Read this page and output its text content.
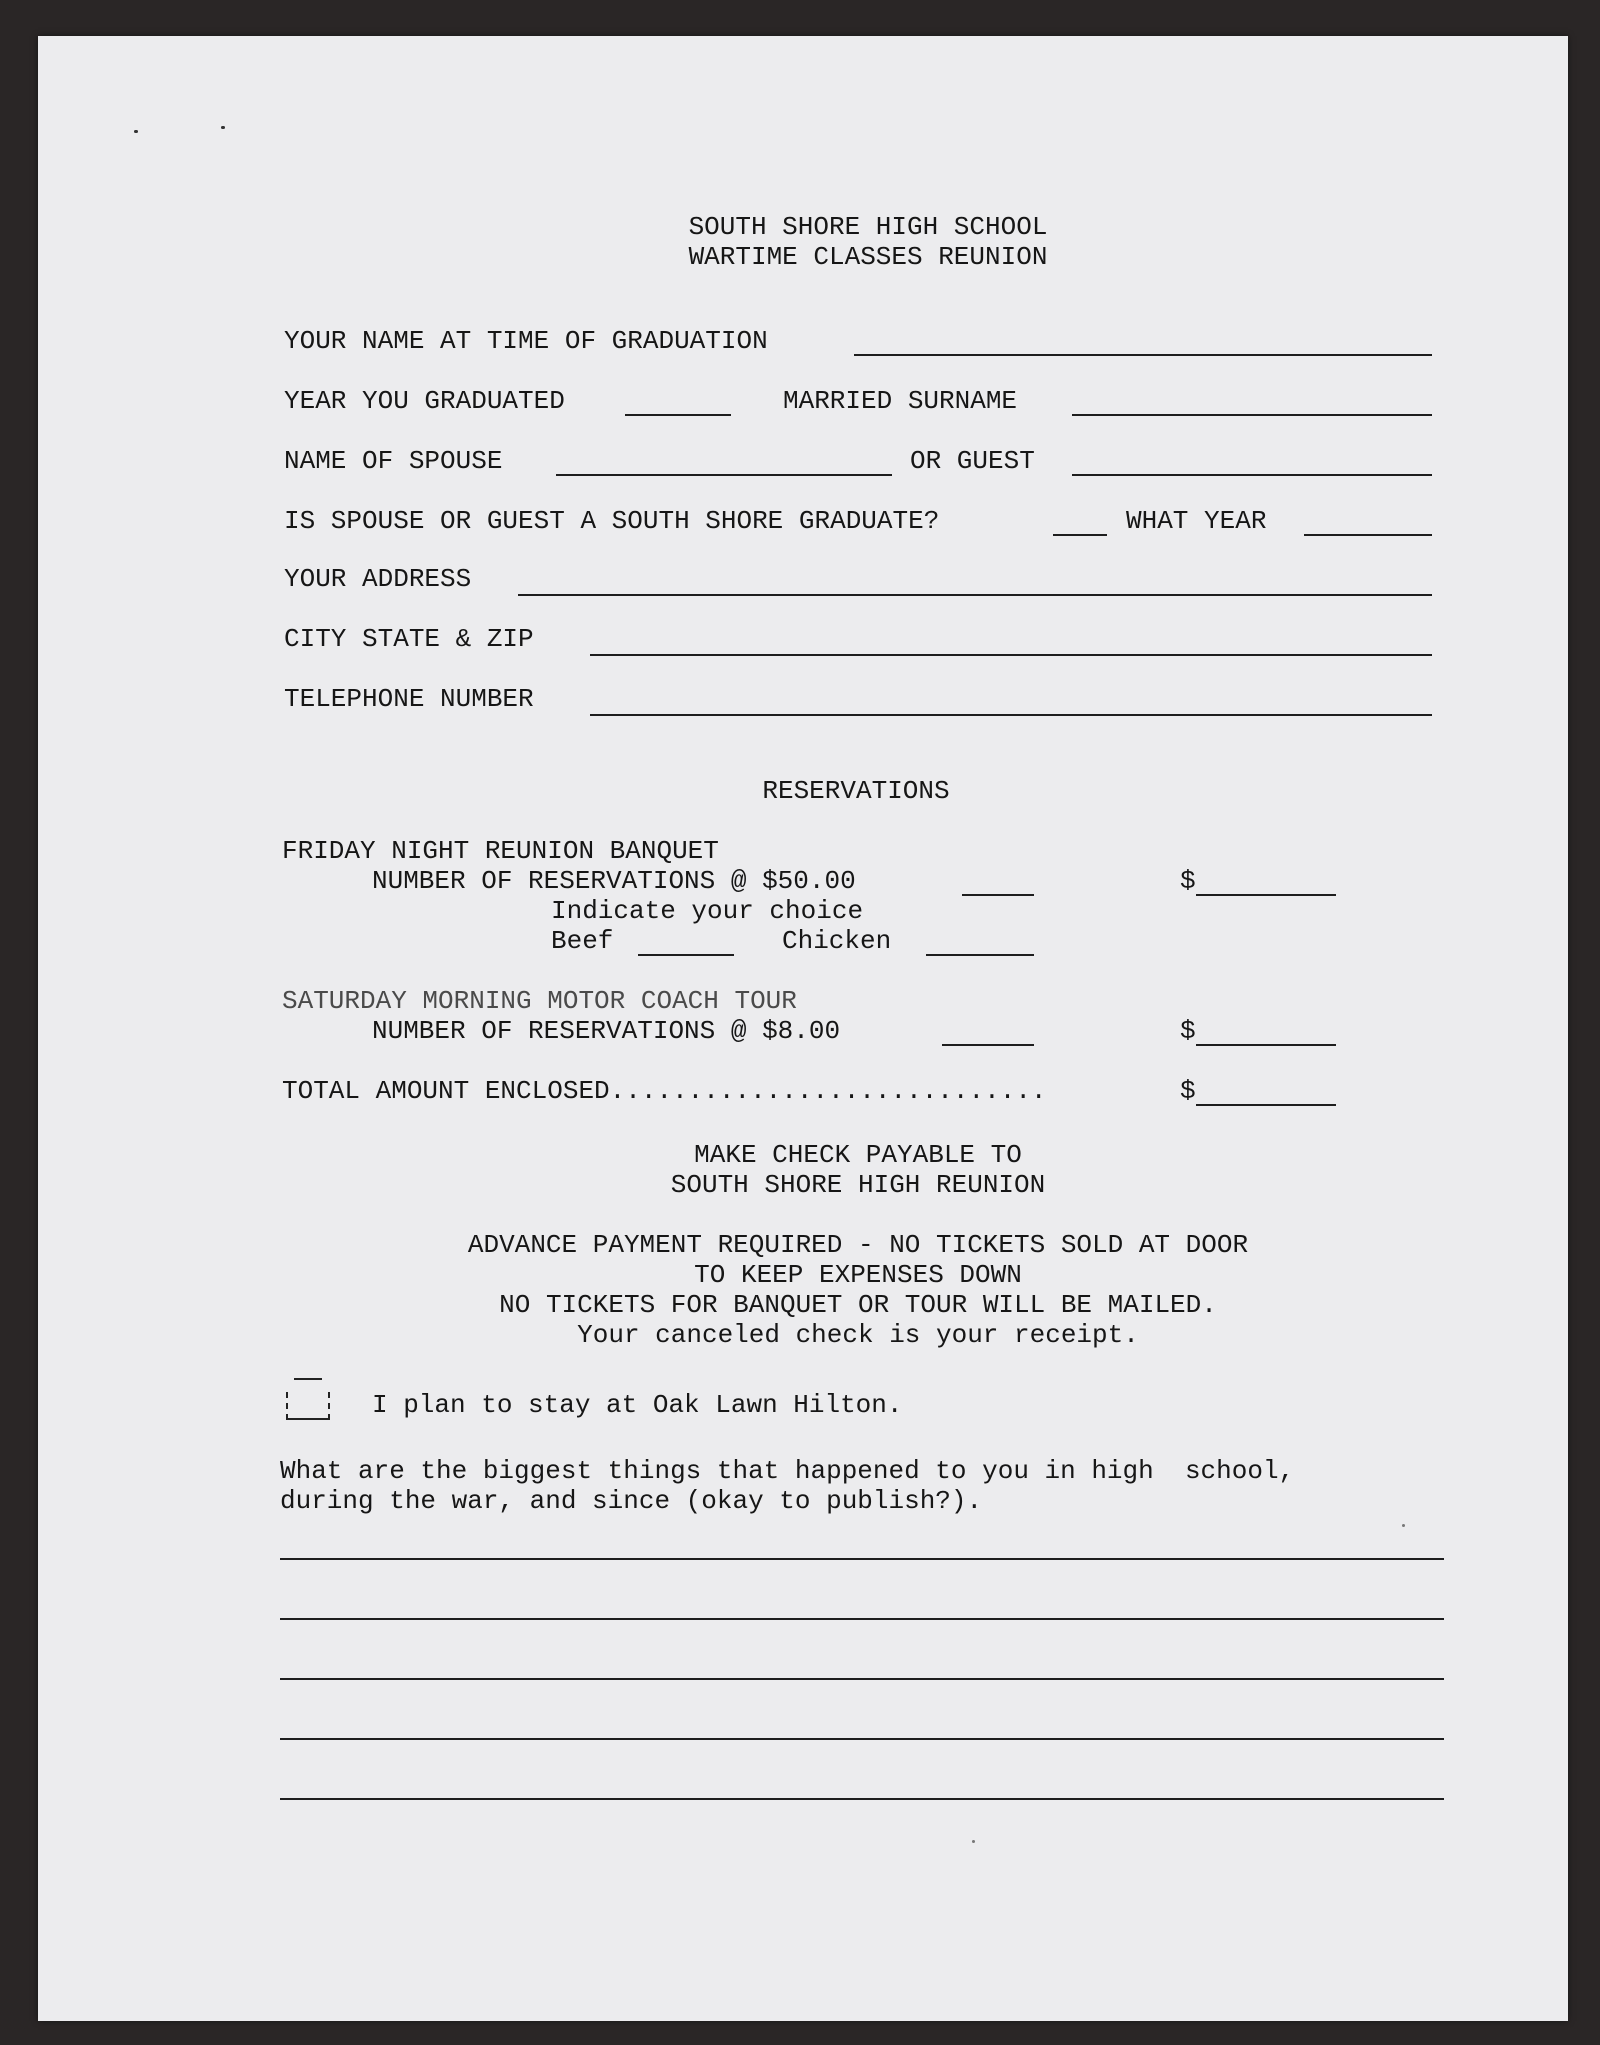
SOUTH SHORE HIGH SCHOOL
WARTIME CLASSES REUNION
YOUR NAME AT TIME OF GRADUATION
YEAR YOU GRADUATED	MARRIED SURNAME
NAME OF SPOUSE	OR GUEST
IS SPOUSE OR GUEST A SOUTH SHORE GRADUATE?	WHAT YEAR
YOUR ADDRESS
CITY STATE & ZIP
TELEPHONE NUMBER
RESERVATIONS
FRIDAY NIGHT REUNION BANQUET
NUMBER OF RESERVATIONS @ $50.00	$
Indicate your choice
Beef	Chicken
SATURDAY MORNING MOTOR COACH TOUR
NUMBER OF RESERVATIONS @ $8.00	$
TOTAL AMOUNT ENCLOSED............................	$
MAKE CHECK PAYABLE TO
SOUTH SHORE HIGH REUNION
ADVANCE PAYMENT REQUIRED - NO TICKETS SOLD AT DOOR
TO KEEP EXPENSES DOWN
NO TICKETS FOR BANQUET OR TOUR WILL BE MAILED.
Your canceled check is your receipt.
I plan to stay at Oak Lawn Hilton.
What are the biggest things that happened to you in high  school,
during the war, and since (okay to publish?).
